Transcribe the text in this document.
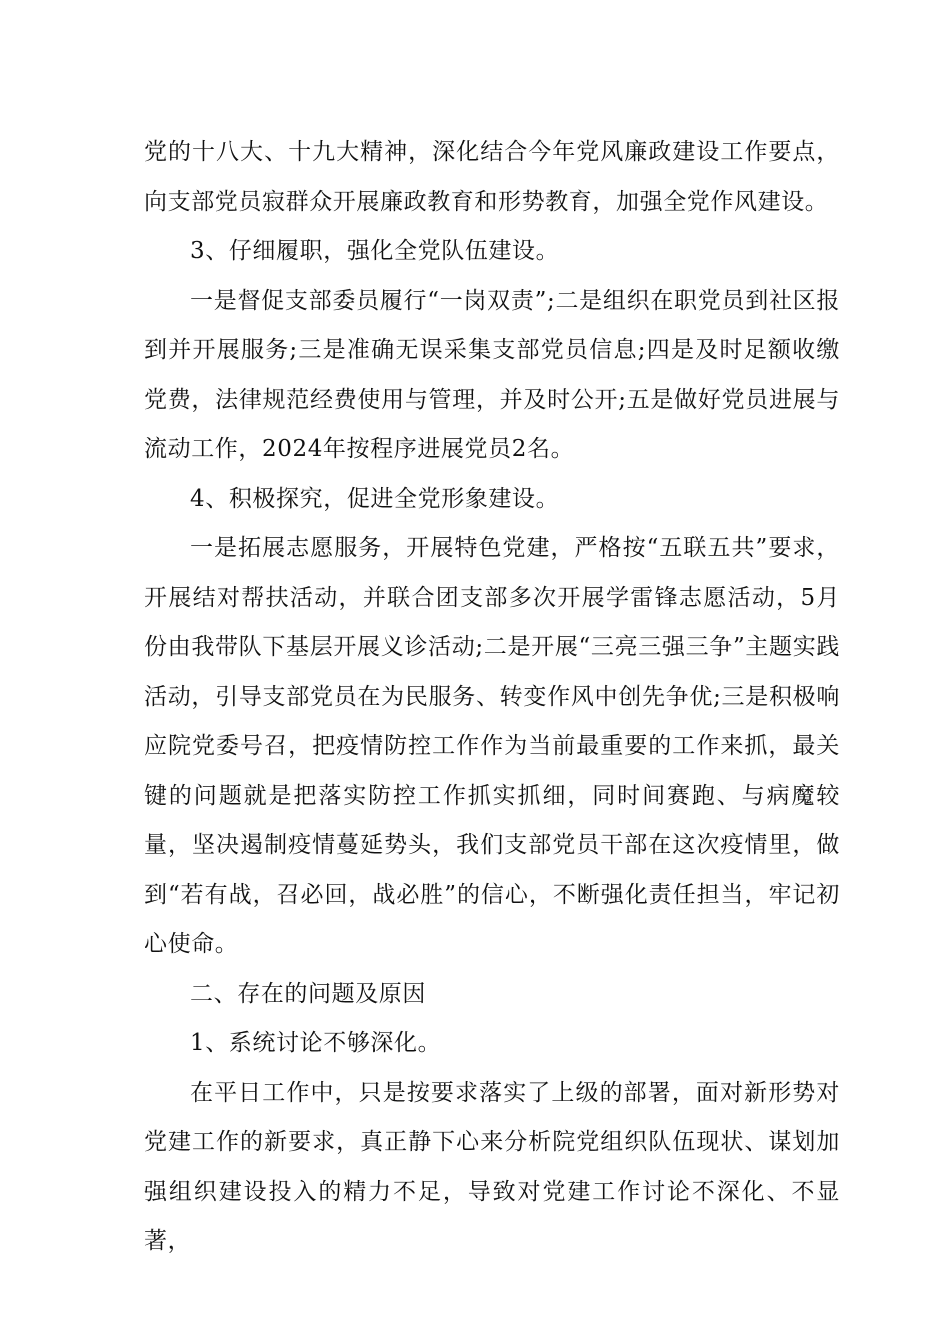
党的十八大、十九大精神，深化结合今年党风廉政建设工作要点，向支部党员寂群众开展廉政教育和形势教育，加强全党作风建设。

3、仔细履职，强化全党队伍建设。

一是督促支部委员履行“一岗双责”;二是组织在职党员到社区报到并开展服务;三是准确无误采集支部党员信息;四是及时足额收缴党费，法律规范经费使用与管理，并及时公开;五是做好党员进展与流动工作，2024年按程序进展党员2名。

4、积极探究，促进全党形象建设。

一是拓展志愿服务，开展特色党建，严格按“五联五共”要求，开展结对帮扶活动，并联合团支部多次开展学雷锋志愿活动，5月份由我带队下基层开展义诊活动;二是开展“三亮三强三争”主题实践活动，引导支部党员在为民服务、转变作风中创先争优;三是积极响应院党委号召，把疫情防控工作作为当前最重要的工作来抓，最关键的问题就是把落实防控工作抓实抓细，同时间赛跑、与病魔较量，坚决遏制疫情蔓延势头，我们支部党员干部在这次疫情里，做到“若有战，召必回，战必胜”的信心，不断强化责任担当，牢记初心使命。

二、存在的问题及原因

1、系统讨论不够深化。

在平日工作中，只是按要求落实了上级的部署，面对新形势对党建工作的新要求，真正静下心来分析院党组织队伍现状、谋划加强组织建设投入的精力不足，导致对党建工作讨论不深化、不显著，
